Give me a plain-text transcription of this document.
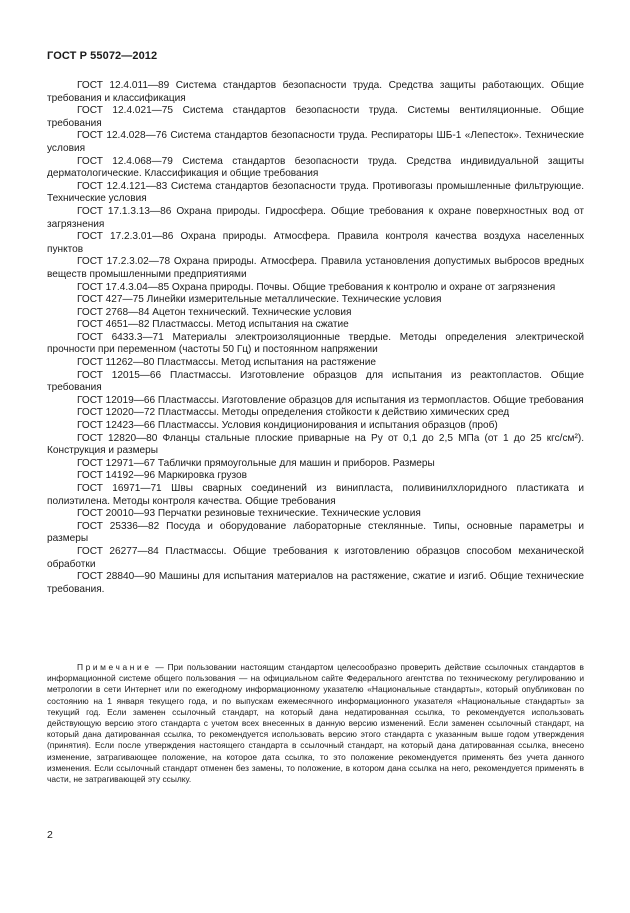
ГОСТ Р 55072—2012

ГОСТ 12.4.011—89 Система стандартов безопасности труда. Средства защиты работающих. Общие требования и классификация

ГОСТ 12.4.021—75 Система стандартов безопасности труда. Системы вентиляционные. Общие требования

ГОСТ 12.4.028—76 Система стандартов безопасности труда. Респираторы ШБ-1 «Лепесток». Технические условия

ГОСТ 12.4.068—79 Система стандартов безопасности труда. Средства индивидуальной защиты дерматологические. Классификация и общие требования

ГОСТ 12.4.121—83 Система стандартов безопасности труда. Противогазы промышленные фильтрующие. Технические условия

ГОСТ 17.1.3.13—86 Охрана природы. Гидросфера. Общие требования к охране поверхностных вод от загрязнения

ГОСТ 17.2.3.01—86 Охрана природы. Атмосфера. Правила контроля качества воздуха населенных пунктов

ГОСТ 17.2.3.02—78 Охрана природы. Атмосфера. Правила установления допустимых выбросов вредных веществ промышленными предприятиями

ГОСТ 17.4.3.04—85 Охрана природы. Почвы. Общие требования к контролю и охране от загрязнения

ГОСТ 427—75 Линейки измерительные металлические. Технические условия

ГОСТ 2768—84 Ацетон технический. Технические условия

ГОСТ 4651—82 Пластмассы. Метод испытания на сжатие

ГОСТ 6433.3—71 Материалы электроизоляционные твердые. Методы определения электрической прочности при переменном (частоты 50 Гц) и постоянном напряжении

ГОСТ 11262—80 Пластмассы. Метод испытания на растяжение

ГОСТ 12015—66 Пластмассы. Изготовление образцов для испытания из реактопластов. Общие требования

ГОСТ 12019—66 Пластмассы. Изготовление образцов для испытания из термопластов. Общие требования

ГОСТ 12020—72 Пластмассы. Методы определения стойкости к действию химических сред

ГОСТ 12423—66 Пластмассы. Условия кондиционирования и испытания образцов (проб)

ГОСТ 12820—80 Фланцы стальные плоские приварные на Ру от 0,1 до 2,5 МПа (от 1 до 25 кгс/см²). Конструкция и размеры

ГОСТ 12971—67 Таблички прямоугольные для машин и приборов. Размеры

ГОСТ 14192—96 Маркировка грузов

ГОСТ 16971—71 Швы сварных соединений из винипласта, поливинилхлоридного пластиката и полиэтилена. Методы контроля качества. Общие требования

ГОСТ 20010—93 Перчатки резиновые технические. Технические условия

ГОСТ 25336—82 Посуда и оборудование лабораторные стеклянные. Типы, основные параметры и размеры

ГОСТ 26277—84 Пластмассы. Общие требования к изготовлению образцов способом механической обработки

ГОСТ 28840—90 Машины для испытания материалов на растяжение, сжатие и изгиб. Общие технические требования.

Примечание — При пользовании настоящим стандартом целесообразно проверить действие ссылочных стандартов в информационной системе общего пользования — на официальном сайте Федерального агентства по техническому регулированию и метрологии в сети Интернет или по ежегодному информационному указателю «Национальные стандарты», который опубликован по состоянию на 1 января текущего года, и по выпускам ежемесячного информационного указателя «Национальные стандарты» за текущий год. Если заменен ссылочный стандарт, на который дана недатированная ссылка, то рекомендуется использовать действующую версию этого стандарта с учетом всех внесенных в данную версию изменений. Если заменен ссылочный стандарт, на который дана датированная ссылка, то рекомендуется использовать версию этого стандарта с указанным выше годом утверждения (принятия). Если после утверждения настоящего стандарта в ссылочный стандарт, на который дана датированная ссылка, внесено изменение, затрагивающее положение, на которое дата ссылка, то это положение рекомендуется применять без учета данного изменения. Если ссылочный стандарт отменен без замены, то положение, в котором дана ссылка на него, рекомендуется применять в части, не затрагивающей эту ссылку.
2
